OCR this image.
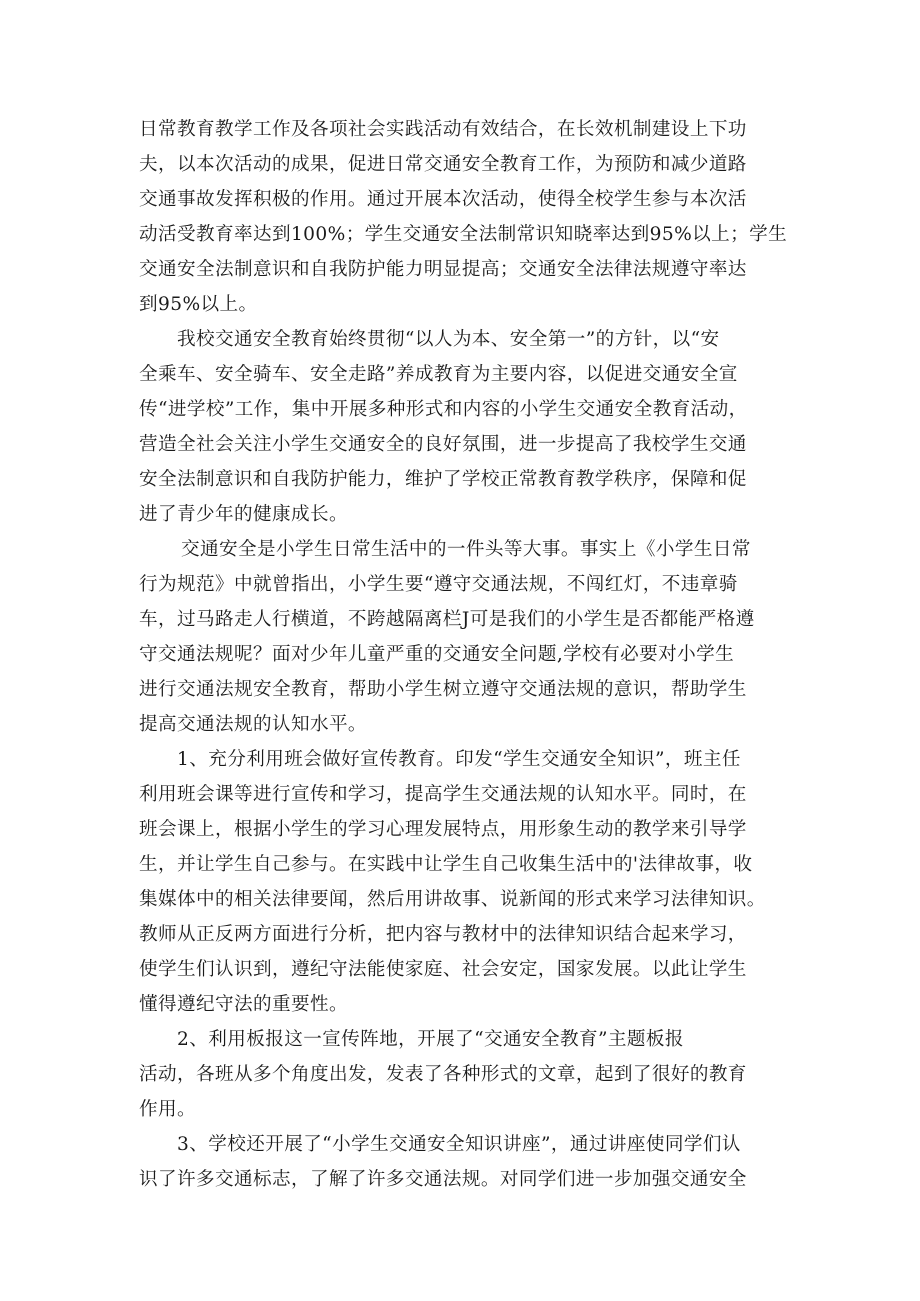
日常教育教学工作及各项社会实践活动有效结合，在长效机制建设上下功
夫，以本次活动的成果，促进日常交通安全教育工作，为预防和减少道路
交通事故发挥积极的作用。通过开展本次活动，使得全校学生参与本次活
动活受教育率达到100%；学生交通安全法制常识知晓率达到95%以上；学生
交通安全法制意识和自我防护能力明显提高；交通安全法律法规遵守率达
到95%以上。
我校交通安全教育始终贯彻“以人为本、安全第一”的方针，以“安
全乘车、安全骑车、安全走路”养成教育为主要内容，以促进交通安全宣
传“进学校”工作，集中开展多种形式和内容的小学生交通安全教育活动，
营造全社会关注小学生交通安全的良好氛围，进一步提高了我校学生交通
安全法制意识和自我防护能力，维护了学校正常教育教学秩序，保障和促
进了青少年的健康成长。
交通安全是小学生日常生活中的一件头等大事。事实上《小学生日常
行为规范》中就曾指出，小学生要“遵守交通法规，不闯红灯，不违章骑
车，过马路走人行横道，不跨越隔离栏J可是我们的小学生是否都能严格遵
守交通法规呢？面对少年儿童严重的交通安全问题,学校有必要对小学生
进行交通法规安全教育，帮助小学生树立遵守交通法规的意识，帮助学生
提高交通法规的认知水平。
1、充分利用班会做好宣传教育。印发“学生交通安全知识”，班主任
利用班会课等进行宣传和学习，提高学生交通法规的认知水平。同时，在
班会课上，根据小学生的学习心理发展特点，用形象生动的教学来引导学
生，并让学生自己参与。在实践中让学生自己收集生活中的'法律故事，收
集媒体中的相关法律要闻，然后用讲故事、说新闻的形式来学习法律知识。
教师从正反两方面进行分析，把内容与教材中的法律知识结合起来学习，
使学生们认识到，遵纪守法能使家庭、社会安定，国家发展。以此让学生
懂得遵纪守法的重要性。
2、利用板报这一宣传阵地，开展了“交通安全教育”主题板报
活动，各班从多个角度出发，发表了各种形式的文章，起到了很好的教育
作用。
3、学校还开展了“小学生交通安全知识讲座”，通过讲座使同学们认
识了许多交通标志，了解了许多交通法规。对同学们进一步加强交通安全
